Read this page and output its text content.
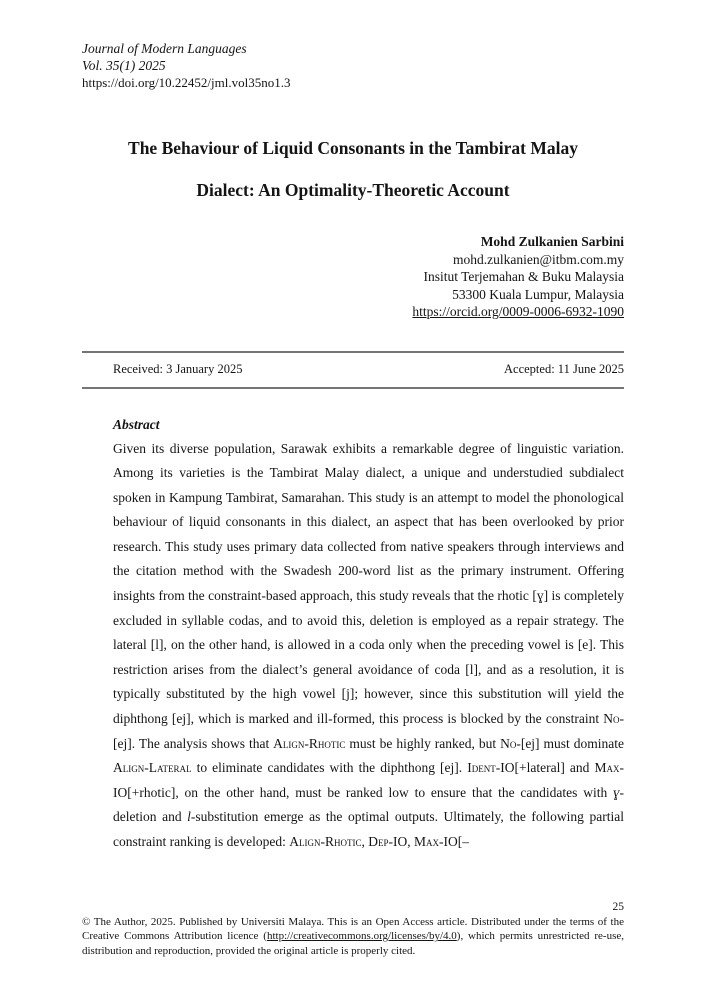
Journal of Modern Languages
Vol. 35(1) 2025
https://doi.org/10.22452/jml.vol35no1.3
The Behaviour of Liquid Consonants in the Tambirat Malay
Dialect: An Optimality-Theoretic Account
Mohd Zulkanien Sarbini
mohd.zulkanien@itbm.com.my
Insitut Terjemahan & Buku Malaysia
53300 Kuala Lumpur, Malaysia
https://orcid.org/0009-0006-6932-1090
Received: 3 January 2025	Accepted: 11 June 2025
Abstract
Given its diverse population, Sarawak exhibits a remarkable degree of linguistic variation. Among its varieties is the Tambirat Malay dialect, a unique and understudied subdialect spoken in Kampung Tambirat, Samarahan. This study is an attempt to model the phonological behaviour of liquid consonants in this dialect, an aspect that has been overlooked by prior research. This study uses primary data collected from native speakers through interviews and the citation method with the Swadesh 200-word list as the primary instrument. Offering insights from the constraint-based approach, this study reveals that the rhotic [ɣ] is completely excluded in syllable codas, and to avoid this, deletion is employed as a repair strategy. The lateral [l], on the other hand, is allowed in a coda only when the preceding vowel is [e]. This restriction arises from the dialect’s general avoidance of coda [l], and as a resolution, it is typically substituted by the high vowel [j]; however, since this substitution will yield the diphthong [ej], which is marked and ill-formed, this process is blocked by the constraint No-[ej]. The analysis shows that Align-Rhotic must be highly ranked, but No-[ej] must dominate Align-Lateral to eliminate candidates with the diphthong [ej]. Ident-IO[+lateral] and Max-IO[+rhotic], on the other hand, must be ranked low to ensure that the candidates with ɣ-deletion and l-substitution emerge as the optimal outputs. Ultimately, the following partial constraint ranking is developed: Align-Rhotic, Dep-IO, Max-IO[–
25
© The Author, 2025. Published by Universiti Malaya. This is an Open Access article. Distributed under the terms of the Creative Commons Attribution licence (http://creativecommons.org/licenses/by/4.0), which permits unrestricted re-use, distribution and reproduction, provided the original article is properly cited.
